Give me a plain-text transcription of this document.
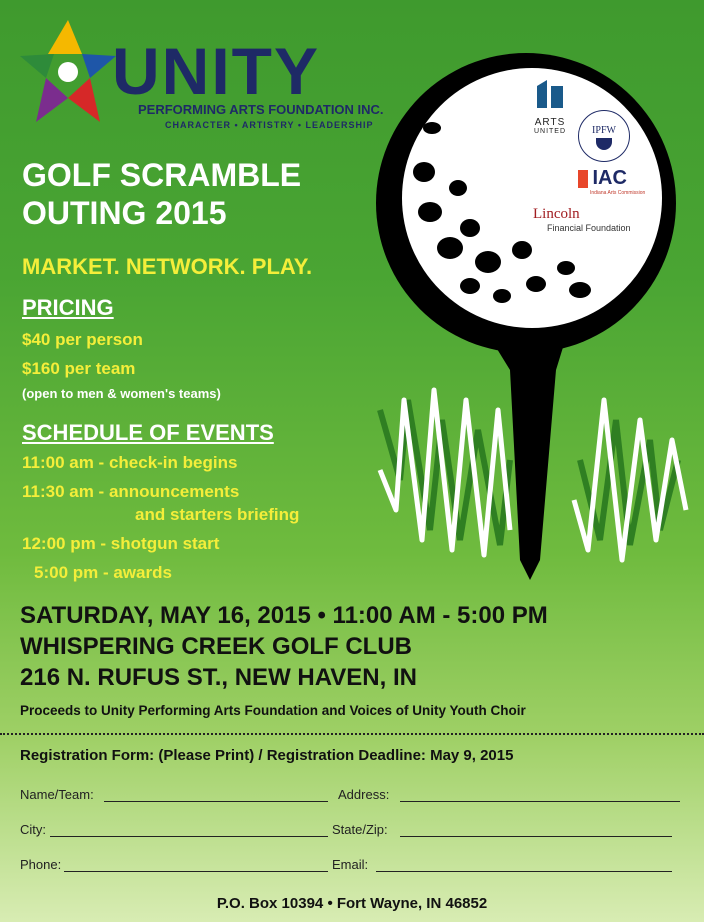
ARTS
UNITED	IPFW
IAC
Indiana Arts Commission
Lincoln
Financial Foundation
UNITY
PERFORMING ARTS FOUNDATION INC.
CHARACTER • ARTISTRY • LEADERSHIP
GOLF SCRAMBLE
OUTING 2015
MARKET. NETWORK. PLAY.
PRICING
$40 per person
$160 per team
(open to men & women's teams)
SCHEDULE OF EVENTS
11:00 am - check-in begins
11:30 am - announcements
and starters briefing
12:00 pm - shotgun start
5:00 pm - awards
SATURDAY, MAY 16, 2015 • 11:00 AM - 5:00 PM
WHISPERING CREEK GOLF CLUB
216 N. RUFUS ST., NEW HAVEN, IN
Proceeds to Unity Performing Arts Foundation and Voices of Unity Youth Choir
Registration Form: (Please Print) / Registration Deadline: May 9, 2015
Name/Team:	Address:
City:	State/Zip:
Phone:	Email:
P.O. Box 10394 • Fort Wayne, IN 46852
